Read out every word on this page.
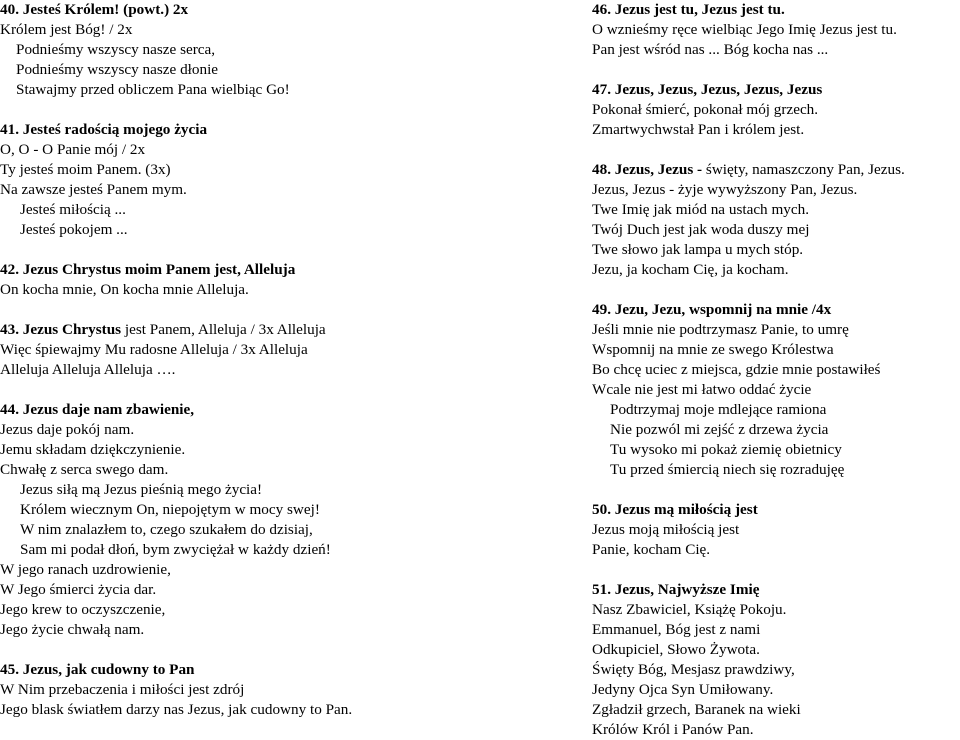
40. Jesteś Królem! (powt.) 2x
Królem jest Bóg! / 2x
Podnieśmy wszyscy nasze serca,
Podnieśmy wszyscy nasze dłonie
Stawajmy przed obliczem Pana wielbiąc Go!
41. Jesteś radością mojego życia
O, O - O Panie mój / 2x
Ty jesteś moim Panem. (3x)
Na zawsze jesteś Panem mym.
Jesteś miłością ...
Jesteś pokojem ...
42. Jezus Chrystus moim Panem jest, Alleluja
On kocha mnie, On kocha mnie Alleluja.
43. Jezus Chrystus jest Panem, Alleluja / 3x Alleluja
Więc śpiewajmy Mu radosne Alleluja / 3x Alleluja
Alleluja Alleluja Alleluja ….
44. Jezus daje nam zbawienie,
Jezus daje pokój nam.
Jemu składam dziękczynienie.
Chwałę z serca swego dam.
Jezus siłą mą Jezus pieśnią mego życia!
Królem wiecznym On, niepojętym w mocy swej!
W nim znalazłem to, czego szukałem do dzisiaj,
Sam mi podał dłoń, bym zwyciężał w każdy dzień!
W jego ranach uzdrowienie,
W Jego śmierci życia dar.
Jego krew to oczyszczenie,
Jego życie chwałą nam.
45. Jezus, jak cudowny to Pan
W Nim przebaczenia i miłości jest zdrój
Jego blask światłem darzy nas Jezus, jak cudowny to Pan.
46. Jezus jest tu, Jezus jest tu.
O wznieśmy ręce wielbiąc Jego Imię Jezus jest tu.
Pan jest wśród nas ... Bóg kocha nas ...
47. Jezus, Jezus, Jezus, Jezus, Jezus
Pokonał śmierć, pokonał mój grzech.
Zmartwychwstał Pan i królem jest.
48. Jezus, Jezus - święty, namaszczony Pan, Jezus.
Jezus, Jezus - żyje wywyższony Pan, Jezus.
Twe Imię jak miód na ustach mych.
Twój Duch jest jak woda duszy mej
Twe słowo jak lampa u mych stóp.
Jezu, ja kocham Cię, ja kocham.
49. Jezu, Jezu, wspomnij na mnie /4x
Jeśli mnie nie podtrzymasz Panie, to umrę
Wspomnij na mnie ze swego Królestwa
Bo chcę uciec z miejsca, gdzie mnie postawiłeś
Wcale nie jest mi łatwo oddać życie
Podtrzymaj moje mdlejące ramiona
Nie pozwól mi zejść z drzewa życia
Tu wysoko mi pokaż ziemię obietnicy
Tu przed śmiercią niech się rozradujęę
50. Jezus mą miłością jest
Jezus moją miłością jest
Panie, kocham Cię.
51. Jezus, Najwyższe Imię
Nasz Zbawiciel, Książę Pokoju.
Emmanuel, Bóg jest z nami
Odkupiciel, Słowo Żywota.
Święty Bóg, Mesjasz prawdziwy,
Jedyny Ojca Syn Umiłowany.
Zgładził grzech, Baranek na wieki
Królów Król i Panów Pan.
